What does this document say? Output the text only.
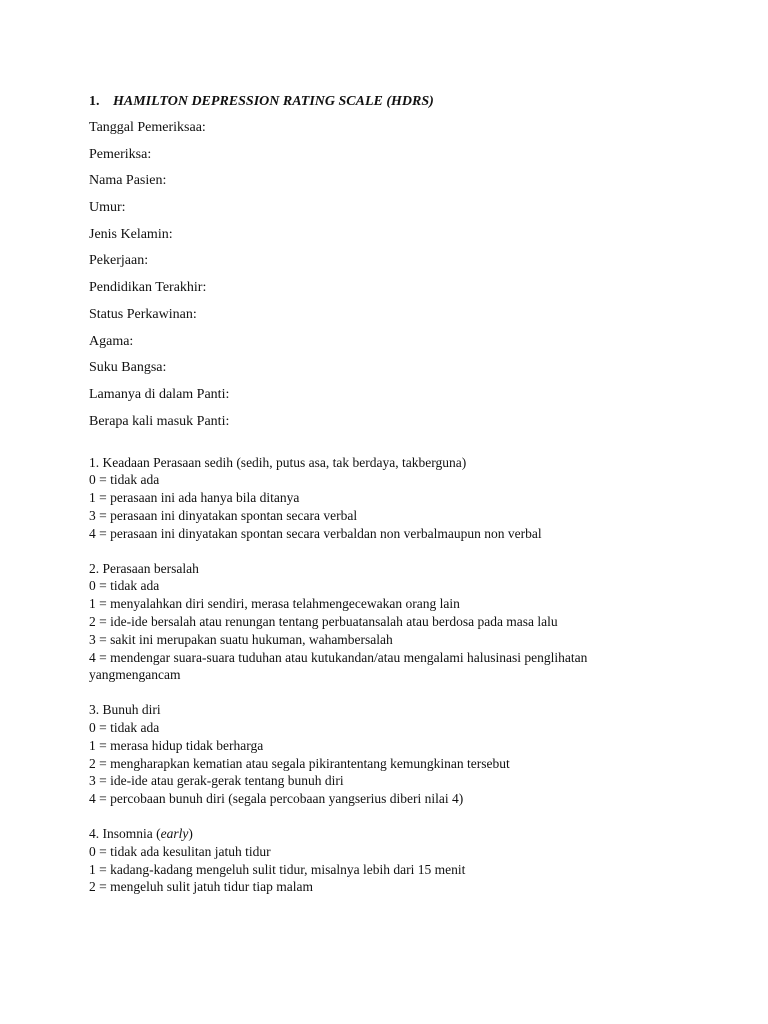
1. HAMILTON DEPRESSION RATING SCALE (HDRS)
Tanggal Pemeriksaa:
Pemeriksa:
Nama Pasien:
Umur:
Jenis Kelamin:
Pekerjaan:
Pendidikan Terakhir:
Status Perkawinan:
Agama:
Suku Bangsa:
Lamanya di dalam Panti:
Berapa kali masuk Panti:
1. Keadaan Perasaan sedih (sedih, putus asa, tak berdaya, takberguna)
0 = tidak ada
1 = perasaan ini ada hanya bila ditanya
3 = perasaan ini dinyatakan spontan secara verbal
4 = perasaan ini dinyatakan spontan secara verbaldan non verbalmaupun non verbal
2. Perasaan bersalah
0 = tidak ada
1 = menyalahkan diri sendiri, merasa telahmengecewakan orang lain
2 = ide-ide bersalah atau renungan tentang perbuatansalah atau berdosa pada masa lalu
3 = sakit ini merupakan suatu hukuman, wahambersalah
4 = mendengar suara-suara tuduhan atau kutukandan/atau mengalami halusinasi penglihatan yangmengancam
3. Bunuh diri
0 = tidak ada
1 = merasa hidup tidak berharga
2 = mengharapkan kematian atau segala pikirantentang kemungkinan tersebut
3 = ide-ide atau gerak-gerak tentang bunuh diri
4 = percobaan bunuh diri (segala percobaan yangserius diberi nilai 4)
4. Insomnia (early)
0 = tidak ada kesulitan jatuh tidur
1 = kadang-kadang mengeluh sulit tidur, misalnya lebih dari 15 menit
2 = mengeluh sulit jatuh tidur tiap malam
